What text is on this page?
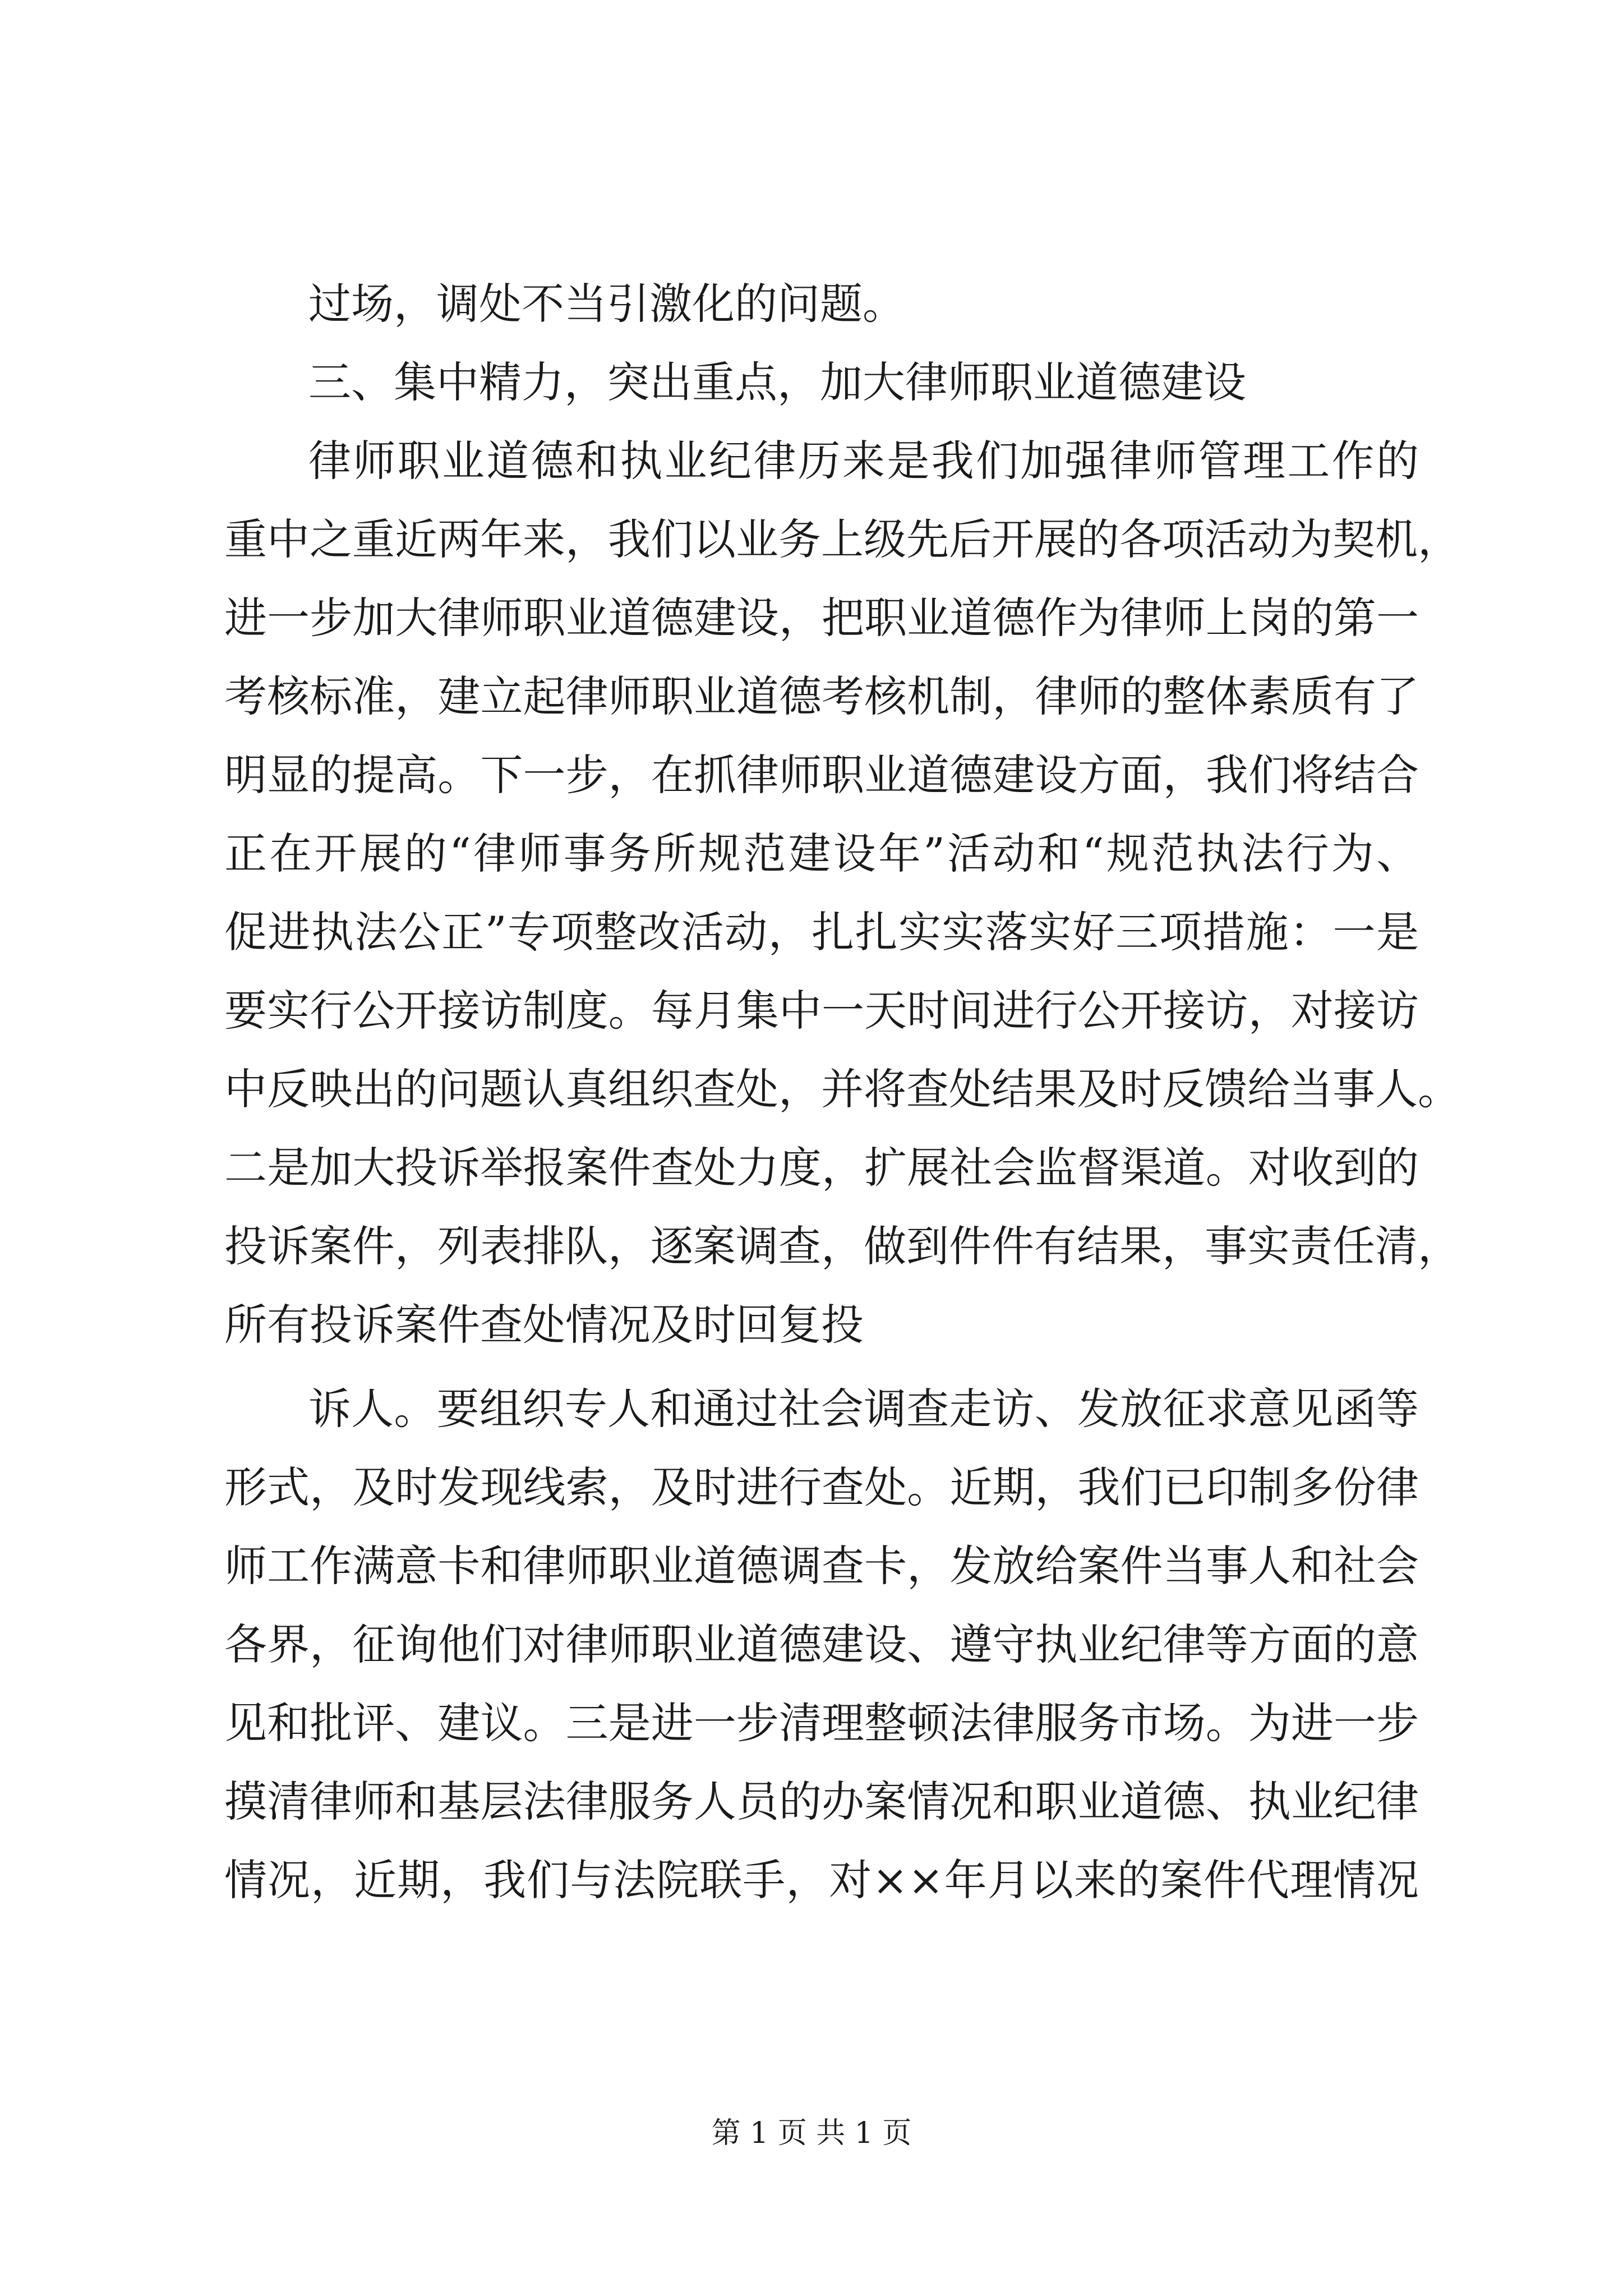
过场，调处不当引激化的问题。
三、集中精力，突出重点，加大律师职业道德建设
律师职业道德和执业纪律历来是我们加强律师管理工作的
重中之重近两年来，我们以业务上级先后开展的各项活动为契机，
进一步加大律师职业道德建设，把职业道德作为律师上岗的第一
考核标准，建立起律师职业道德考核机制，律师的整体素质有了
明显的提高。下一步，在抓律师职业道德建设方面，我们将结合
正在开展的“律师事务所规范建设年”活动和“规范执法行为、
促进执法公正”专项整改活动，扎扎实实落实好三项措施：一是
要实行公开接访制度。每月集中一天时间进行公开接访，对接访
中反映出的问题认真组织查处，并将查处结果及时反馈给当事人。
二是加大投诉举报案件查处力度，扩展社会监督渠道。对收到的
投诉案件，列表排队，逐案调查，做到件件有结果，事实责任清，
所有投诉案件查处情况及时回复投
诉人。要组织专人和通过社会调查走访、发放征求意见函等
形式，及时发现线索，及时进行查处。近期，我们已印制多份律
师工作满意卡和律师职业道德调查卡，发放给案件当事人和社会
各界，征询他们对律师职业道德建设、遵守执业纪律等方面的意
见和批评、建议。三是进一步清理整顿法律服务市场。为进一步
摸清律师和基层法律服务人员的办案情况和职业道德、执业纪律
情况，近期，我们与法院联手，对××年月以来的案件代理情况
第 1 页 共 1 页
